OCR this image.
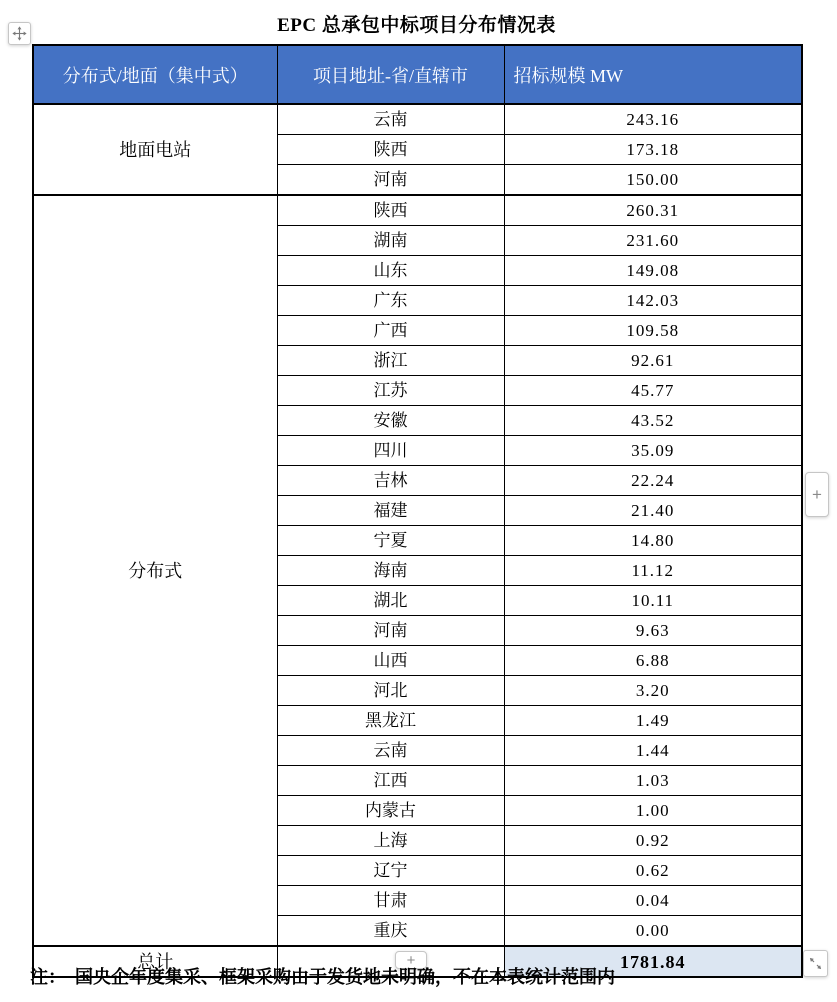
EPC 总承包中标项目分布情况表
分布式/地面（集中式）	项目地址-省/直辖市	招标规模 MW
地面电站	云南	243.16
	陕西	173.18
	河南	150.00
分布式	陕西	260.31
	湖南	231.60
	山东	149.08
	广东	142.03
	广西	109.58
	浙江	92.61
	江苏	45.77
	安徽	43.52
	四川	35.09
	吉林	22.24
	福建	21.40
	宁夏	14.80
	海南	11.12
	湖北	10.11
	河南	9.63
	山西	6.88
	河北	3.20
	黑龙江	1.49
	云南	1.44
	江西	1.03
	内蒙古	1.00
	上海	0.92
	辽宁	0.62
	甘肃	0.04
	重庆	0.00
总计		1781.84
+
+
注：　国央企年度集采、框架采购由于发货地未明确，不在本表统计范围内
